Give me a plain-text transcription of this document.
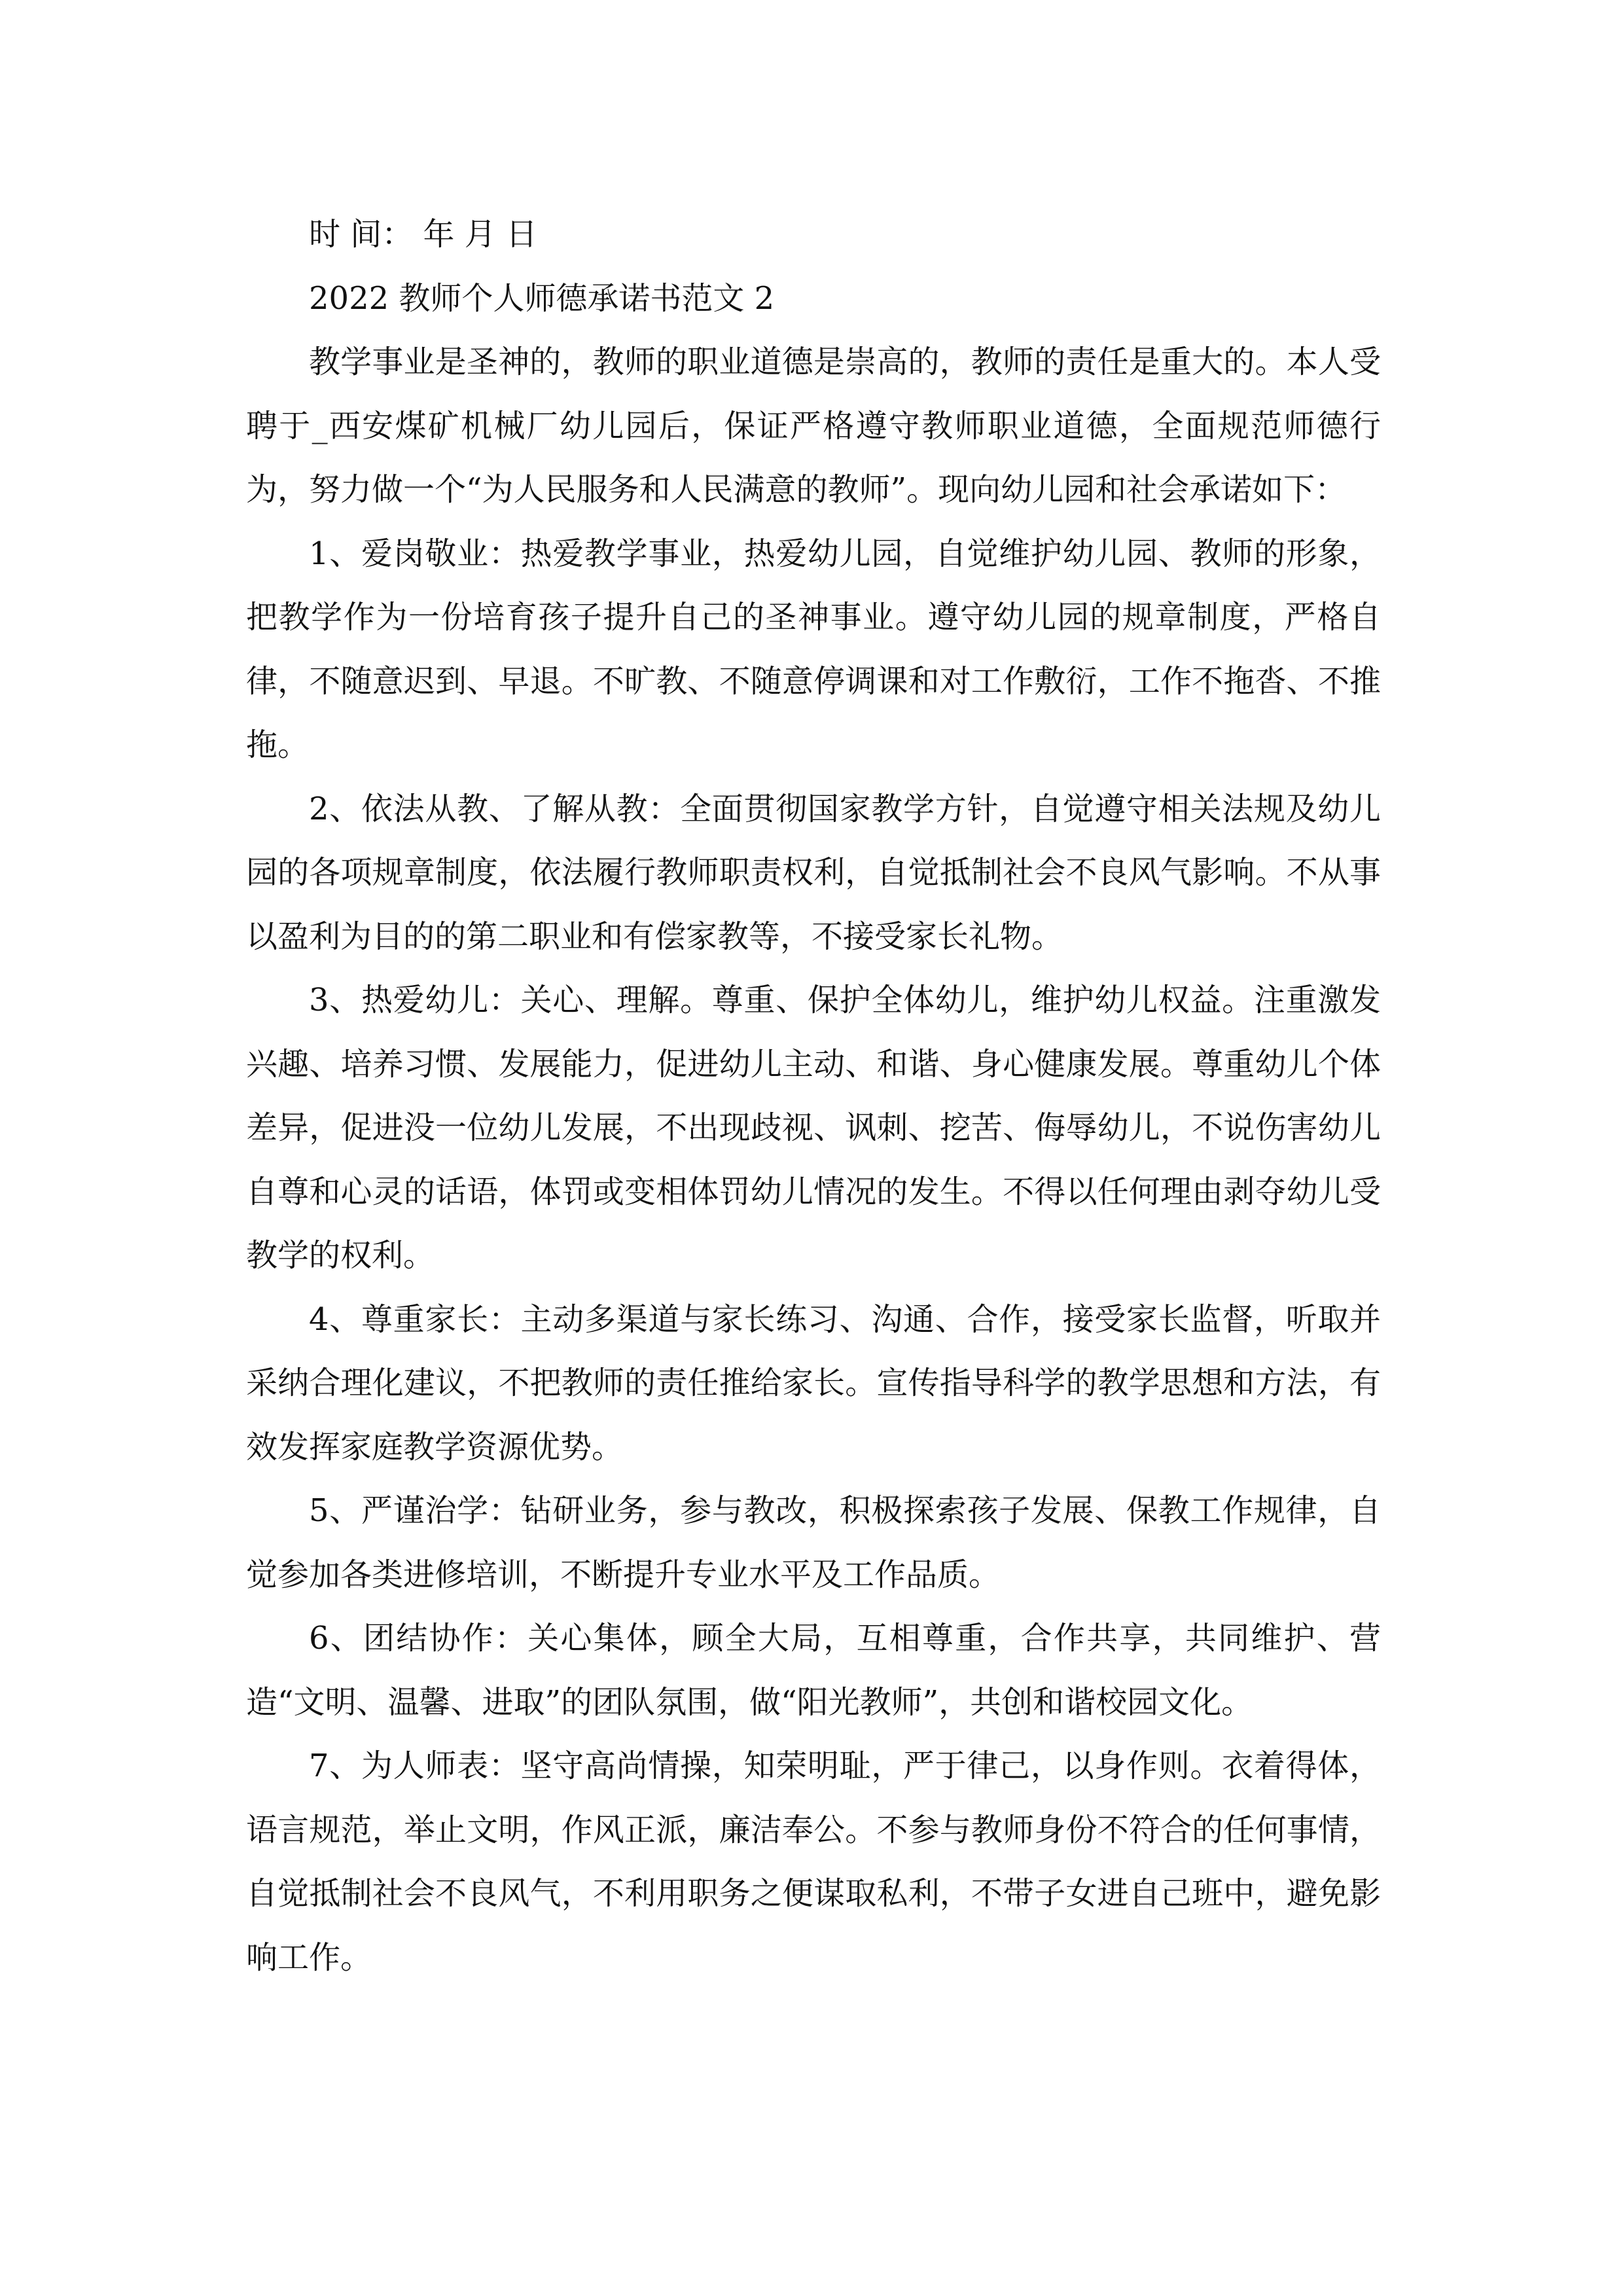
时 间： 年 月 日

2022 教师个人师德承诺书范文 2

教学事业是圣神的，教师的职业道德是崇高的，教师的责任是重大的。本人受聘于_西安煤矿机械厂幼儿园后，保证严格遵守教师职业道德，全面规范师德行为，努力做一个“为人民服务和人民满意的教师”。现向幼儿园和社会承诺如下：

1、爱岗敬业：热爱教学事业，热爱幼儿园，自觉维护幼儿园、教师的形象，把教学作为一份培育孩子提升自己的圣神事业。遵守幼儿园的规章制度，严格自律，不随意迟到、早退。不旷教、不随意停调课和对工作敷衍，工作不拖沓、不推拖。

2、依法从教、了解从教：全面贯彻国家教学方针，自觉遵守相关法规及幼儿园的各项规章制度，依法履行教师职责权利，自觉抵制社会不良风气影响。不从事以盈利为目的的第二职业和有偿家教等，不接受家长礼物。

3、热爱幼儿：关心、理解。尊重、保护全体幼儿，维护幼儿权益。注重激发兴趣、培养习惯、发展能力，促进幼儿主动、和谐、身心健康发展。尊重幼儿个体差异，促进没一位幼儿发展，不出现歧视、讽刺、挖苦、侮辱幼儿，不说伤害幼儿自尊和心灵的话语，体罚或变相体罚幼儿情况的发生。不得以任何理由剥夺幼儿受教学的权利。

4、尊重家长：主动多渠道与家长练习、沟通、合作，接受家长监督，听取并采纳合理化建议，不把教师的责任推给家长。宣传指导科学的教学思想和方法，有效发挥家庭教学资源优势。

5、严谨治学：钻研业务，参与教改，积极探索孩子发展、保教工作规律，自觉参加各类进修培训，不断提升专业水平及工作品质。

6、团结协作：关心集体，顾全大局，互相尊重，合作共享，共同维护、营造“文明、温馨、进取”的团队氛围，做“阳光教师”，共创和谐校园文化。

7、为人师表：坚守高尚情操，知荣明耻，严于律己，以身作则。衣着得体，语言规范，举止文明，作风正派，廉洁奉公。不参与教师身份不符合的任何事情，自觉抵制社会不良风气，不利用职务之便谋取私利，不带子女进自己班中，避免影响工作。
